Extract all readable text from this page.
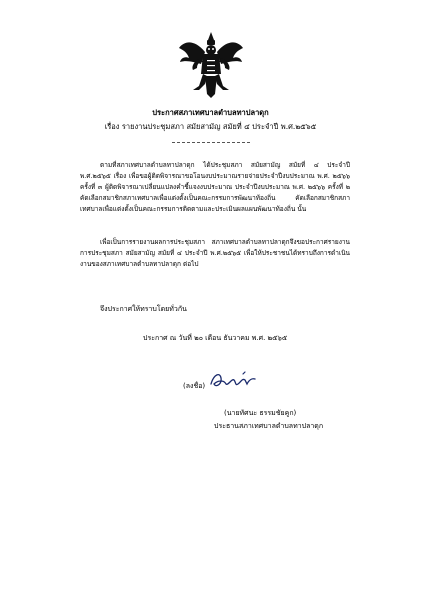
ประกาศสภาเทศบาลตำบลทาปลาดุก
เรื่อง รายงานประชุมสภา สมัยสามัญ สมัยที่ ๔ ประจำปี พ.ศ.๒๕๖๕
ตามที่สภาเทศบาลตำบลทาปลาดุก ได้ประชุมสภา สมัยสามัญ สมัยที่ ๔ ประจำปี พ.ศ.๒๕๖๕ เรื่อง เพื่อขอผู้ติดพิจารณาขอโอนงบประมาณรายจ่ายประจำปีงบประมาณ พ.ศ. ๒๕๖๖ ครั้งที่ ๓ ผู้ติดพิจารณาเปลี่ยนแปลงคำชี้แจงงบประมาณ ประจำปีงบประมาณ พ.ศ. ๒๕๖๖ ครั้งที่ ๒ คัดเลือกสมาชิกสภาเทศบาลเพื่อแต่งตั้งเป็นคณะกรรมการพัฒนาท้องถิ่น คัดเลือกสมาชิกสภาเทศบาลเพื่อแต่งตั้งเป็นคณะกรรมการติดตามและประเมินผลแผนพัฒนาท้องถิ่น นั้น
เพื่อเป็นการรายงานผลการประชุมสภา สภาเทศบาลตำบลทาปลาดุกจึงขอประกาศรายงานการประชุมสภา สมัยสามัญ สมัยที่ ๔ ประจำปี พ.ศ.๒๕๖๕ เพื่อให้ประชาชนได้ทราบถึงการดำเนินงานของสภาเทศบาลตำบลทาปลาดุก ต่อไป
จึงประกาศให้ทราบโดยทั่วกัน
ประกาศ ณ วันที่ ๒๐ เดือน ธันวาคม พ.ศ. ๒๕๖๕
(ลงชื่อ)
(นายทัศนะ ธรรมชัยคูก)
ประธานสภาเทศบาลตำบลทาปลาดุก
